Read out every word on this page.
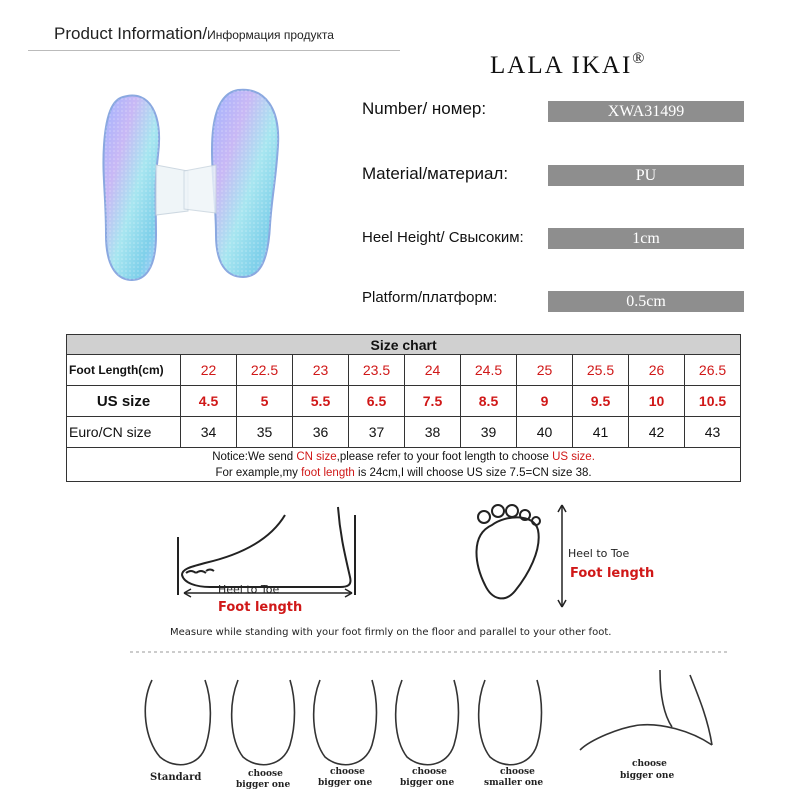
Product Information/Информация продукта
LALA IKAI®
Number/ номер:	XWA31499
Material/материал:	PU
Heel Height/ Свысоким:	1cm
Platform/платформ:	0.5cm
Size chart										
Foot Length(cm)	22	22.5	23	23.5	24	24.5	25	25.5	26	26.5
US size	4.5	5	5.5	6.5	7.5	8.5	9	9.5	10	10.5
Euro/CN size	34	35	36	37	38	39	40	41	42	43

Notice:We send CN size,please refer to your foot length to choose US size.
For example,my foot length is 24cm,I will choose US size 7.5=CN size 38.										
Heel to Toe
Foot length
Heel to Toe
Foot length
Measure while standing with your foot firmly on the floor and parallel to your other foot.
Standard	choose
bigger one
choose
bigger one
choose
bigger one
choose
smaller one
choose
bigger one
